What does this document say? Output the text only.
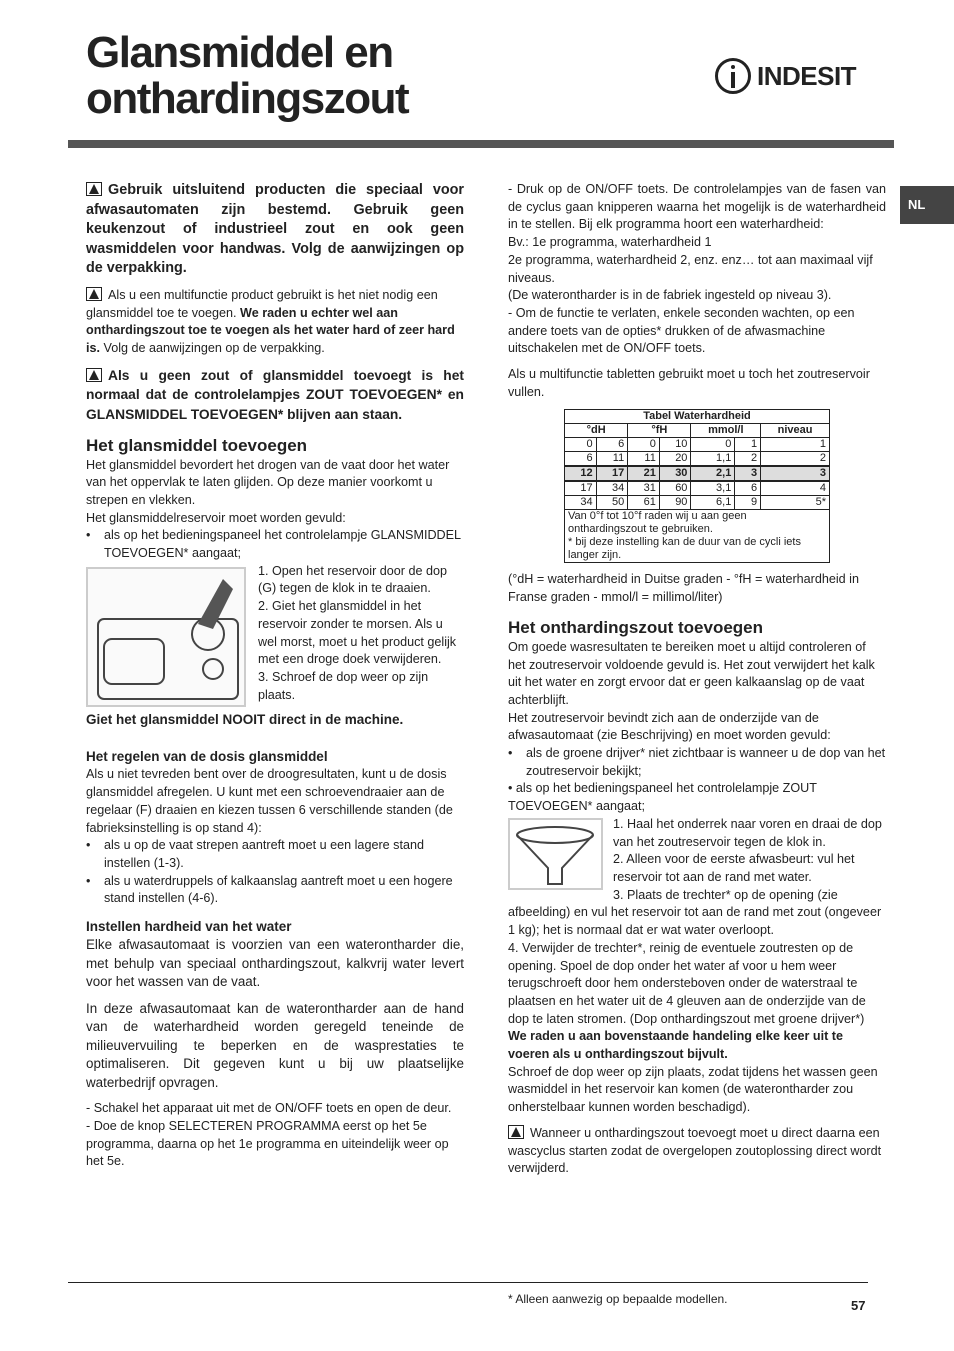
Glansmiddel en
onthardingszout	INDESIT
NL

Gebruik uitsluitend producten die speciaal voor afwasautomaten zijn bestemd. Gebruik geen keukenzout of industrieel zout en ook geen wasmiddelen voor handwas. Volg de aanwijzingen op de verpakking.

Als u een multifunctie product gebruikt is het niet nodig een glansmiddel toe te voegen. We raden u echter wel aan onthardingszout toe te voegen als het water hard of zeer hard is. Volg de aanwijzingen op de verpakking.

Als u geen zout of glansmiddel toevoegt is het normaal dat de controlelampjes ZOUT TOEVOEGEN* en GLANSMIDDEL TOEVOEGEN* blijven aan staan.

Het glansmiddel toevoegen

Het glansmiddel bevordert het drogen van de vaat door het water van het oppervlak te laten glijden. Op deze manier voorkomt u strepen en vlekken.

Het glansmiddelreservoir moet worden gevuld:

• als op het bedieningspaneel het controlelampje GLANSMIDDEL TOEVOEGEN* aangaat;

1. Open het reservoir door de dop (G) tegen de klok in te draaien.

2. Giet het glansmiddel in het reservoir zonder te morsen. Als u wel morst, moet u het product gelijk met een droge doek verwijderen.

3. Schroef de dop weer op zijn plaats.

Giet het glansmiddel NOOIT direct in de machine.

Het regelen van de dosis glansmiddel

Als u niet tevreden bent over de droogresultaten, kunt u de dosis glansmiddel afregelen. U kunt met een schroevendraaier aan de regelaar (F) draaien en kiezen tussen 6 verschillende standen (de fabrieksinstelling is op stand 4):

• als u op de vaat strepen aantreft moet u een lagere stand instellen (1-3).

• als u waterdruppels of kalkaanslag aantreft moet u een hogere stand instellen (4-6).

Instellen hardheid van het water

Elke afwasautomaat is voorzien van een waterontharder die, met behulp van speciaal onthardingszout, kalkvrij water levert voor het wassen van de vaat.

In deze afwasautomaat kan de waterontharder aan de hand van de waterhardheid worden geregeld teneinde de milieuvervuiling te beperken en de wasprestaties te optimaliseren. Dit gegeven kunt u bij uw plaatselijke waterbedrijf opvragen.

- Schakel het apparaat uit met de ON/OFF toets en open de deur.

- Doe de knop SELECTEREN PROGRAMMA eerst op het 5e programma, daarna op het 1e programma en uiteindelijk weer op het 5e.

- Druk op de ON/OFF toets. De controlelampjes van de fasen van de cyclus gaan knipperen waarna het mogelijk is de waterhardheid in te stellen. Bij elk programma hoort een waterhardheid:

Bv.: 1e programma, waterhardheid 1

2e programma, waterhardheid 2, enz. enz… tot aan maximaal vijf niveaus.

(De waterontharder is in de fabriek ingesteld op niveau 3).

- Om de functie te verlaten, enkele seconden wachten, op een andere toets van de opties* drukken of de afwasmachine uitschakelen met de ON/OFF toets.

Als u multifunctie tabletten gebruikt moet u toch het zoutreservoir vullen.

Tabel Waterhardheid						
°dH		°fH		mmol/l		niveau
0	6	0	10	0	1	1
6	11	11	20	1,1	2	2
12	17	21	30	2,1	3	3
17	34	31	60	3,1	6	4
34	50	61	90	6,1	9	5*
Van 0°f tot 10°f raden wij u aan geen onthardingszout te gebruiken.
* bij deze instelling kan de duur van de cycli iets langer zijn.						

(°dH = waterhardheid in Duitse graden - °fH = waterhardheid in Franse graden - mmol/l = millimol/liter)

Het onthardingszout toevoegen

Om goede wasresultaten te bereiken moet u altijd controleren of het zoutreservoir voldoende gevuld is. Het zout verwijdert het kalk uit het water en zorgt ervoor dat er geen kalkaanslag op de vaat achterblijft.

Het zoutreservoir bevindt zich aan de onderzijde van de afwasautomaat (zie Beschrijving) en moet worden gevuld:

• als de groene drijver* niet zichtbaar is wanneer u de dop van het zoutreservoir bekijkt;

• als op het bedieningspaneel het controlelampje ZOUT TOEVOEGEN* aangaat;

1. Haal het onderrek naar voren en draai de dop van het zoutreservoir tegen de klok in.

2. Alleen voor de eerste afwasbeurt: vul het reservoir tot aan de rand met water.

3. Plaats de trechter* op de opening (zie afbeelding) en vul het reservoir tot aan de rand met zout (ongeveer 1 kg); het is normaal dat er wat water overloopt.

4. Verwijder de trechter*, reinig de eventuele zoutresten op de opening. Spoel de dop onder het water af voor u hem weer terugschroeft door hem ondersteboven onder de waterstraal te plaatsen en het water uit de 4 gleuven aan de onderzijde van de dop te laten stromen. (Dop onthardingszout met groene drijver*)

We raden u aan bovenstaande handeling elke keer uit te voeren als u onthardingszout bijvult.

Schroef de dop weer op zijn plaats, zodat tijdens het wassen geen wasmiddel in het reservoir kan komen (de waterontharder zou onherstelbaar kunnen worden beschadigd).

Wanneer u onthardingszout toevoegt moet u direct daarna een wascyclus starten zodat de overgelopen zoutoplossing direct wordt verwijderd.

* Alleen aanwezig op bepaalde modellen.	57
